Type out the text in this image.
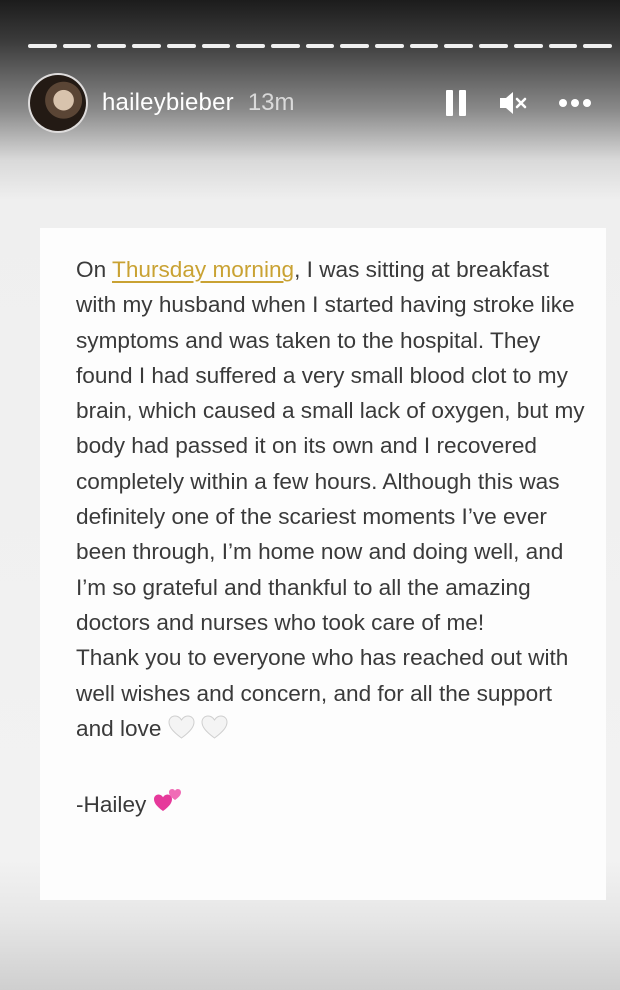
haileybieber 13m

On Thursday morning, I was sitting at breakfast with my husband when I started having stroke like symptoms and was taken to the hospital. They found I had suffered a very small blood clot to my brain, which caused a small lack of oxygen, but my body had passed it on its own and I recovered completely within a few hours. Although this was definitely one of the scariest moments I’ve ever been through, I’m home now and doing well, and I’m so grateful and thankful to all the amazing doctors and nurses who took care of me!

Thank you to everyone who has reached out with well wishes and concern, and for all the support and love

-Hailey
